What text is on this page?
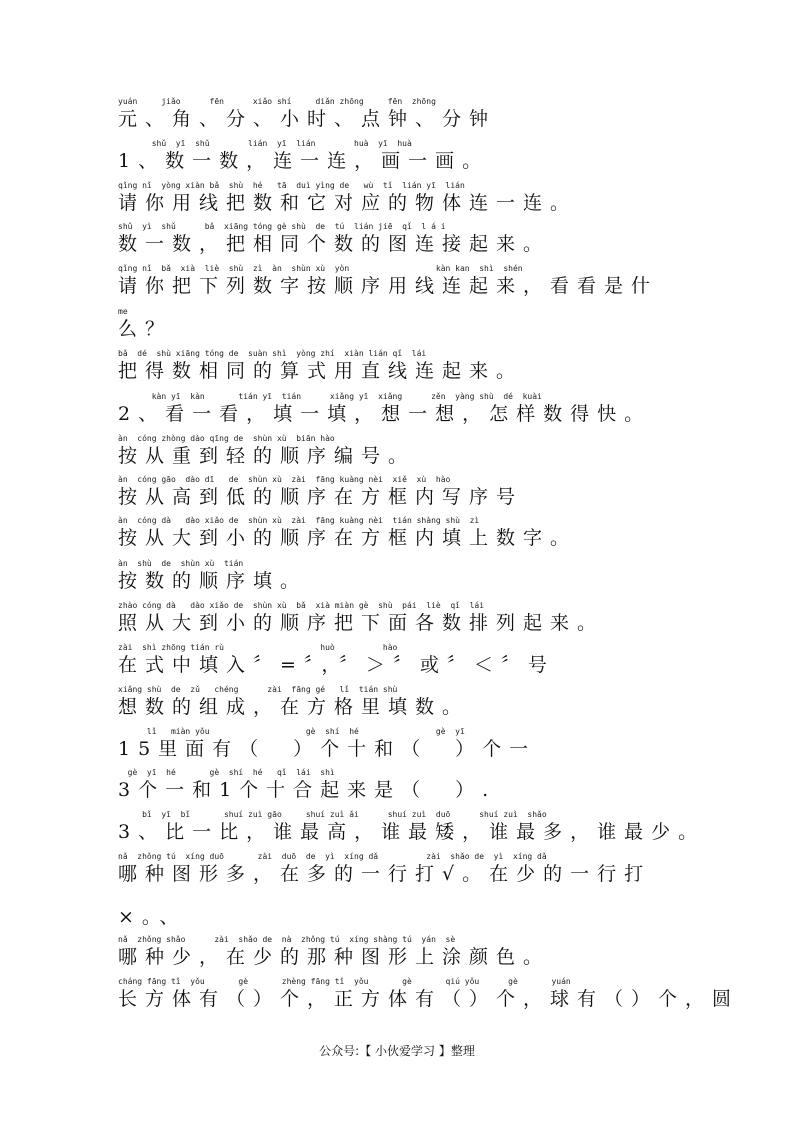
yuán     jiǎo      fēn      xiǎo shí     diǎn zhōng     fēn  zhōng
元、角、分、小时、点钟、分钟
shǔ  yī  shǔ        lián  yī  lián        huà  yī  huà
1、数一数，连一连，画一画。
qǐng nǐ  yòng xiàn bǎ  shù  hé   tā  duì yìng de   wù  tǐ  lián yī  lián
请你用线把数和它对应的物体连一连。
shǔ  yì  shǔ      bǎ  xiāng tóng gè shù  de  tú  lián jiē  qǐ  l á i
数一数，把相同个数的图连接起来。
qǐng nǐ  bǎ  xià  liè  shù  zì  àn  shùn xù  yòn                  kàn kan  shì  shén
请你把下列数字按顺序用线连起来，看看是什
me
么？
bǎ  dé  shù xiāng tóng de  suàn shì  yòng zhí  xiàn lián qǐ  lái
把得数相同的算式用直线连起来。
kàn yī  kàn       tián yī  tián      xiǎng yī  xiǎng      zěn  yàng shù  dé  kuài
2、看一看，填一填，想一想，怎样数得快。
àn  cóng zhòng dào qīng de  shùn xù  biān hào
按从重到轻的顺序编号。
àn  cóng gāo  dào dī   de  shùn xù  zài  fāng kuàng nèi  xiě  xù  hào
按从高到低的顺序在方框内写序号
àn  cóng dà   dào xiǎo de  shùn xù  zài  fāng kuàng nèi  tián shàng shù  zì
按从大到小的顺序在方框内填上数字。
àn  shù  de  shùn xù  tián
按数的顺序填。
zhào cóng dà   dào xiǎo de  shùn xù  bǎ  xià miàn gè  shù  pái  liè  qǐ  lái
照从大到小的顺序把下面各数排列起来。
zài  shì zhōng tián rù                    huò          hào
在式中填入〞=〞，〞＞〞或〞＜〞号
xiǎng shù  de  zǔ   chéng      zài  fāng gé   lǐ  tián shù
想数的组成，在方格里填数。
lǐ   miàn yǒu                    gè  shí  hé                gè  yī
15里面有（　）个十和（　）个一
gè  yī  hé       gè  shí  hé   qǐ  lái  shì
3个一和1个十合起来是（　）.
bǐ  yī  bǐ       shuí zuì gāo     shuí zuì ǎi      shuí zuì  duō      shuí zuì  shǎo
3、比一比，谁最高，谁最矮，谁最多，谁最少。
nǎ  zhǒng tú  xíng duō       zài  duō  de  yì  xíng dǎ          zài  shǎo de  yì  xíng dǎ
哪种图形多，在多的一行打√。在少的一行打
×。、
nǎ  zhǒng shǎo      zài  shǎo de  nà  zhǒng tú  xíng shàng tú  yán  sè
哪种少，在少的那种图形上涂颜色。
cháng fāng tǐ  yǒu       gè       zhèng fāng tǐ  yǒu       gè       qiú yǒu      gè       yuán
长方体有（）个，正方体有（）个，球有（）个，圆
公众号:【 小伙爱学习 】整理
